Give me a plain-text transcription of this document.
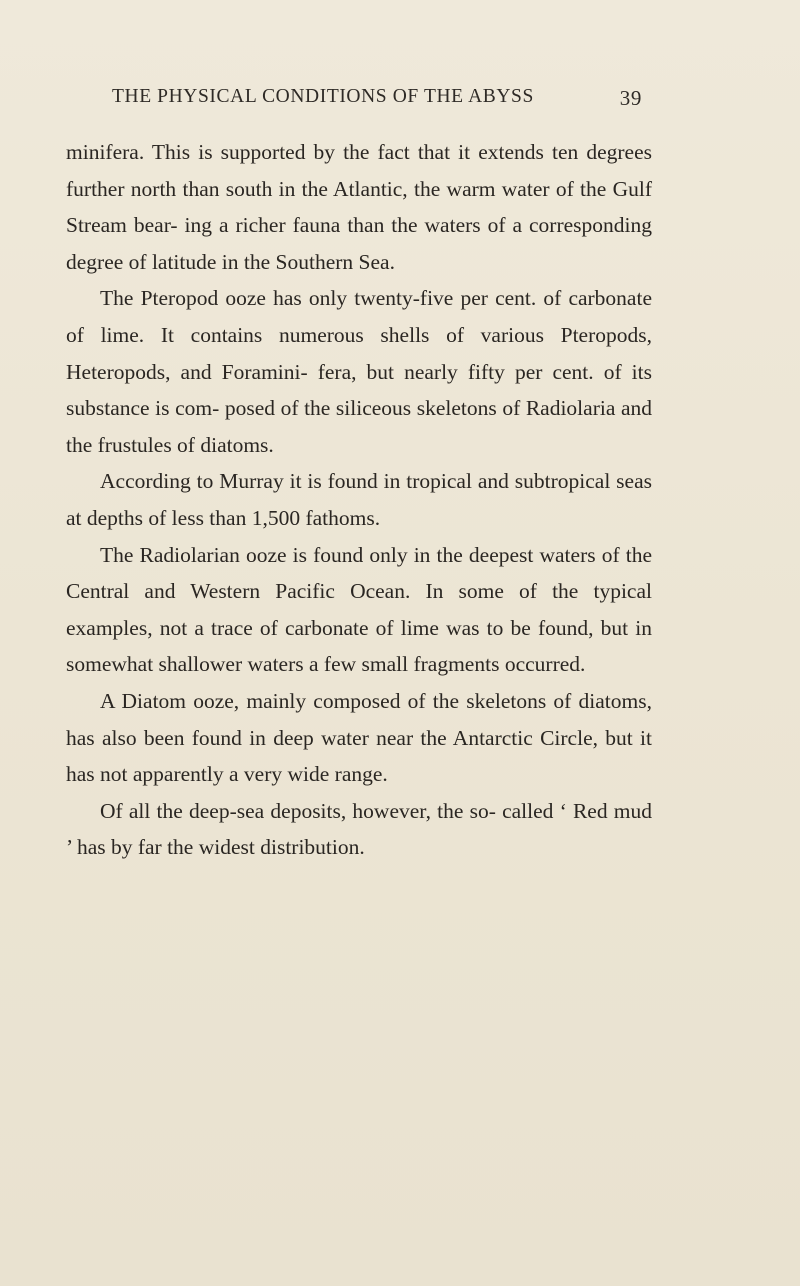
THE PHYSICAL CONDITIONS OF THE ABYSS	39

minifera. This is supported by the fact that it extends ten degrees further north than south in the Atlantic, the warm water of the Gulf Stream bear- ing a richer fauna than the waters of a corresponding degree of latitude in the Southern Sea.

The Pteropod ooze has only twenty-five per cent. of carbonate of lime. It contains numerous shells of various Pteropods, Heteropods, and Foramini- fera, but nearly fifty per cent. of its substance is com- posed of the siliceous skeletons of Radiolaria and the frustules of diatoms.

According to Murray it is found in tropical and subtropical seas at depths of less than 1,500 fathoms.

The Radiolarian ooze is found only in the deepest waters of the Central and Western Pacific Ocean. In some of the typical examples, not a trace of carbonate of lime was to be found, but in somewhat shallower waters a few small fragments occurred.

A Diatom ooze, mainly composed of the skeletons of diatoms, has also been found in deep water near the Antarctic Circle, but it has not apparently a very wide range.

Of all the deep-sea deposits, however, the so- called ‘ Red mud ’ has by far the widest distribution.
